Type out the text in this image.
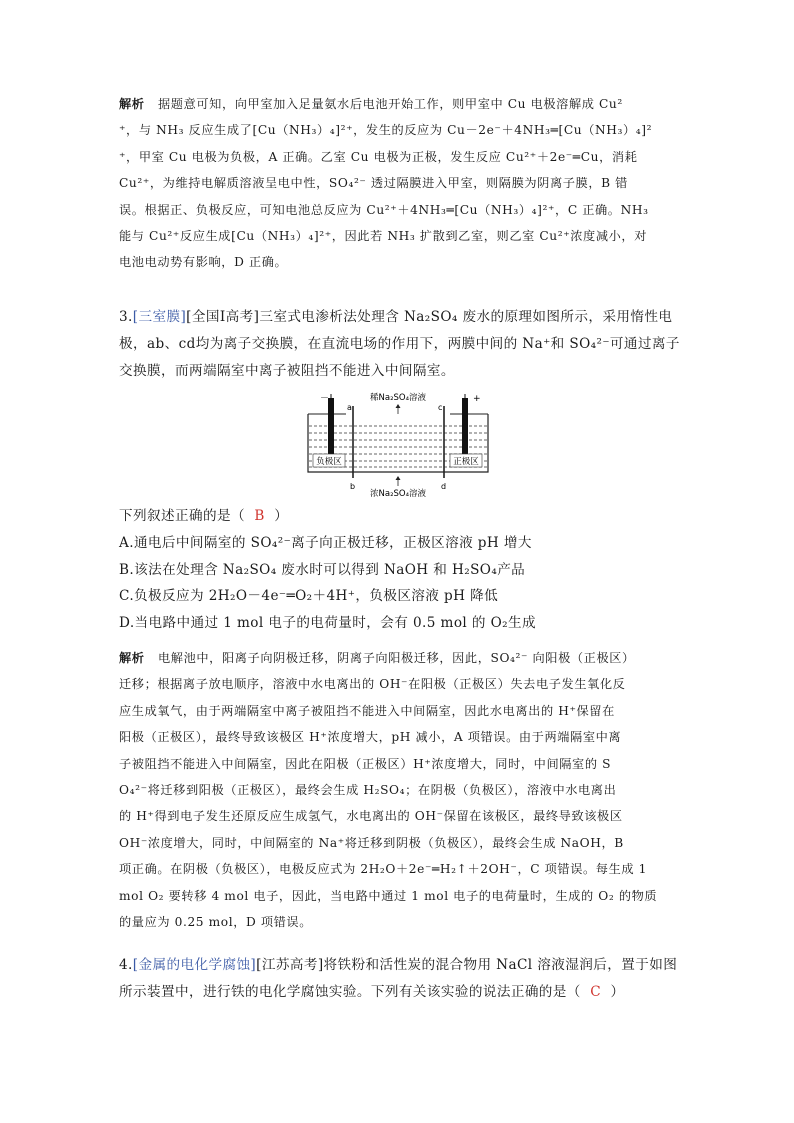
解析 据题意可知，向甲室加入足量氨水后电池开始工作，则甲室中 Cu 电极溶解成 Cu²
⁺，与 NH₃ 反应生成了[Cu（NH₃）₄]²⁺，发生的反应为 Cu－2e⁻＋4NH₃═[Cu（NH₃）₄]²
⁺，甲室 Cu 电极为负极，A 正确。乙室 Cu 电极为正极，发生反应 Cu²⁺＋2e⁻═Cu，消耗
Cu²⁺，为维持电解质溶液呈电中性，SO₄²⁻ 透过隔膜进入甲室，则隔膜为阴离子膜，B 错
误。根据正、负极反应，可知电池总反应为 Cu²⁺＋4NH₃═[Cu（NH₃）₄]²⁺，C 正确。NH₃
能与 Cu²⁺反应生成[Cu（NH₃）₄]²⁺，因此若 NH₃ 扩散到乙室，则乙室 Cu²⁺浓度减小，对
电池电动势有影响，D 正确。
3.[三室膜][全国Ⅰ高考]三室式电渗析法处理含 Na₂SO₄ 废水的原理如图所示，采用惰性电
极，ab、cd均为离子交换膜，在直流电场的作用下，两膜中间的 Na⁺和 SO₄²⁻可通过离子
交换膜，而两端隔室中离子被阻挡不能进入中间隔室。
－	+
稀Na₂SO₄溶液
浓Na₂SO₄溶液
a
b
c
d
负极区	正极区
下列叙述正确的是（ B ）
A.通电后中间隔室的 SO₄²⁻离子向正极迁移，正极区溶液 pH 增大
B.该法在处理含 Na₂SO₄ 废水时可以得到 NaOH 和 H₂SO₄产品
C.负极反应为 2H₂O－4e⁻═O₂＋4H⁺，负极区溶液 pH 降低
D.当电路中通过 1 mol 电子的电荷量时，会有 0.5 mol 的 O₂生成
解析 电解池中，阳离子向阴极迁移，阴离子向阳极迁移，因此，SO₄²⁻ 向阳极（正极区）
迁移；根据离子放电顺序，溶液中水电离出的 OH⁻在阳极（正极区）失去电子发生氧化反
应生成氧气，由于两端隔室中离子被阻挡不能进入中间隔室，因此水电离出的 H⁺保留在
阳极（正极区），最终导致该极区 H⁺浓度增大，pH 减小，A 项错误。由于两端隔室中离
子被阻挡不能进入中间隔室，因此在阳极（正极区）H⁺浓度增大，同时，中间隔室的 S
O₄²⁻将迁移到阳极（正极区），最终会生成 H₂SO₄；在阴极（负极区），溶液中水电离出
的 H⁺得到电子发生还原反应生成氢气，水电离出的 OH⁻保留在该极区，最终导致该极区
OH⁻浓度增大，同时，中间隔室的 Na⁺将迁移到阴极（负极区），最终会生成 NaOH，B
项正确。在阴极（负极区），电极反应式为 2H₂O＋2e⁻═H₂↑＋2OH⁻，C 项错误。每生成 1
mol O₂ 要转移 4 mol 电子，因此，当电路中通过 1 mol 电子的电荷量时，生成的 O₂ 的物质
的量应为 0.25 mol，D 项错误。
4.[金属的电化学腐蚀][江苏高考]将铁粉和活性炭的混合物用 NaCl 溶液湿润后，置于如图
所示装置中，进行铁的电化学腐蚀实验。下列有关该实验的说法正确的是（ C ）
